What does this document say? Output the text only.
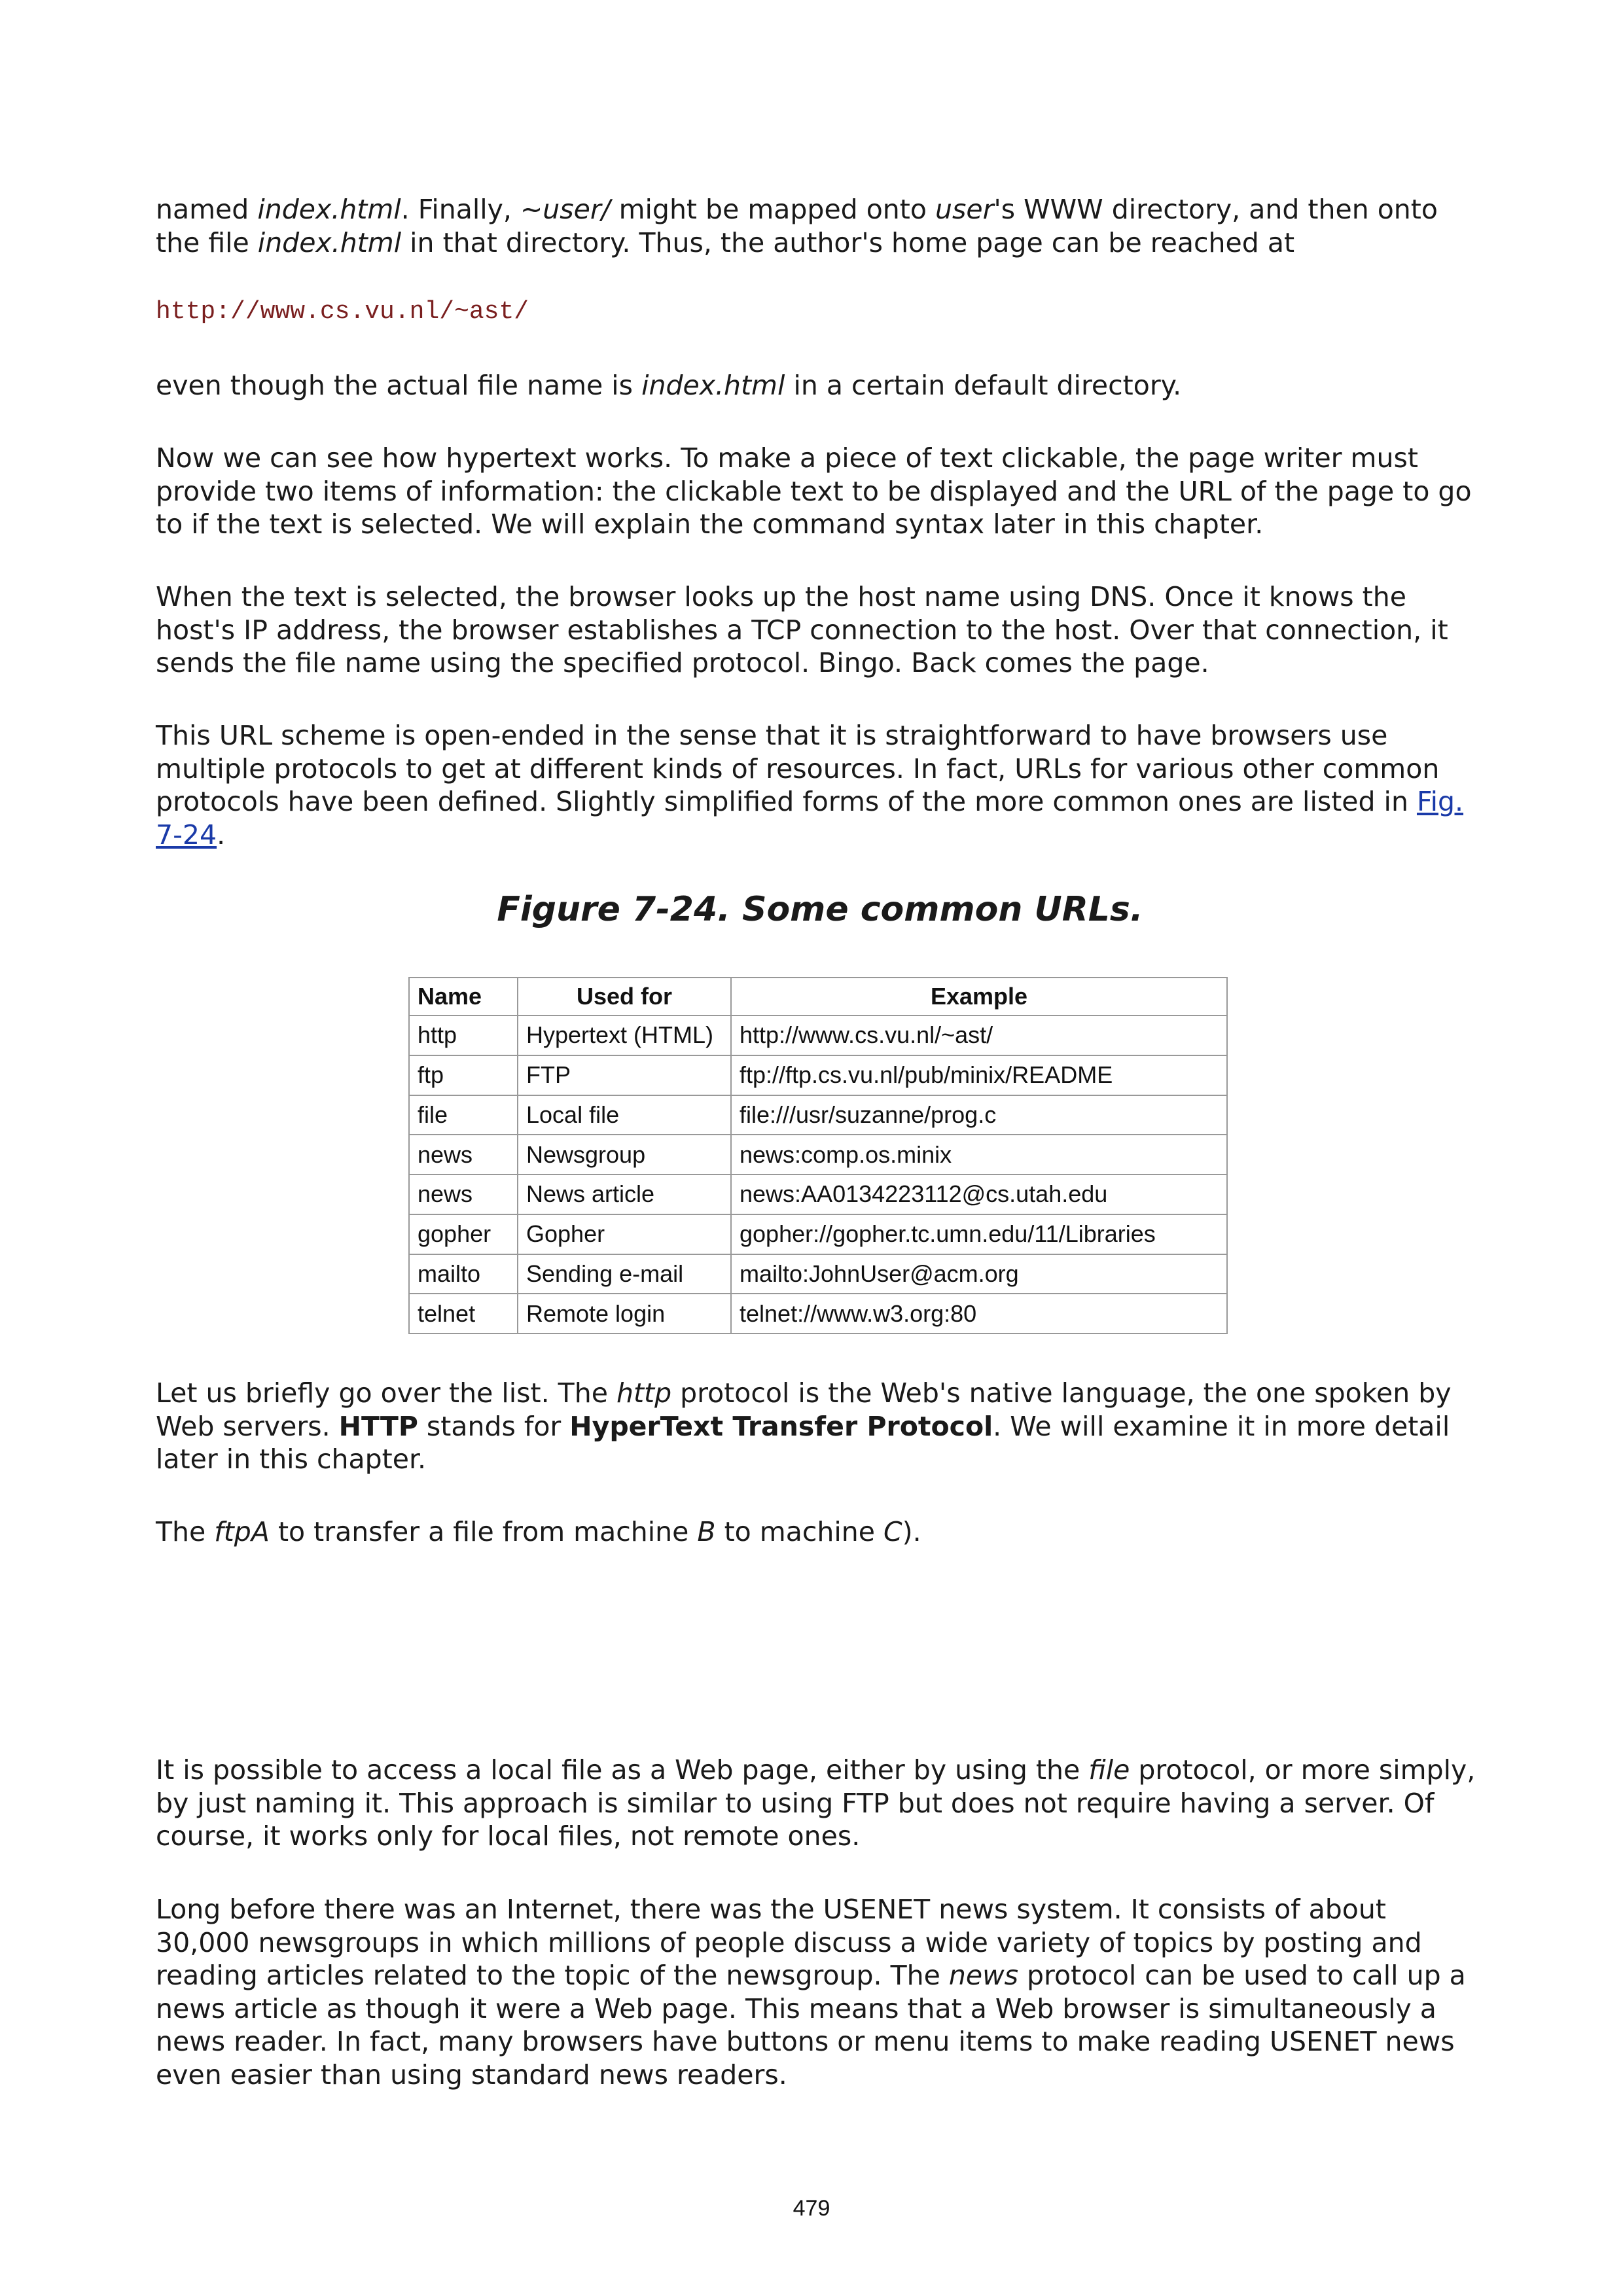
named index.html. Finally, ~user/ might be mapped onto user's WWW directory, and then onto the file index.html in that directory. Thus, the author's home page can be reached at

http://www.cs.vu.nl/~ast/

even though the actual file name is index.html in a certain default directory.

Now we can see how hypertext works. To make a piece of text clickable, the page writer must provide two items of information: the clickable text to be displayed and the URL of the page to go to if the text is selected. We will explain the command syntax later in this chapter.

When the text is selected, the browser looks up the host name using DNS. Once it knows the host's IP address, the browser establishes a TCP connection to the host. Over that connection, it sends the file name using the specified protocol. Bingo. Back comes the page.

This URL scheme is open-ended in the sense that it is straightforward to have browsers use multiple protocols to get at different kinds of resources. In fact, URLs for various other common protocols have been defined. Slightly simplified forms of the more common ones are listed in Fig. 7-24.

Figure 7-24. Some common URLs.
Name	Used for	Example
http	Hypertext (HTML)	http://www.cs.vu.nl/~ast/
ftp	FTP	ftp://ftp.cs.vu.nl/pub/minix/README
file	Local file	file:///usr/suzanne/prog.c
news	Newsgroup	news:comp.os.minix
news	News article	news:AA0134223112@cs.utah.edu
gopher	Gopher	gopher://gopher.tc.umn.edu/11/Libraries
mailto	Sending e-mail	mailto:JohnUser@acm.org
telnet	Remote login	telnet://www.w3.org:80

Let us briefly go over the list. The http protocol is the Web's native language, the one spoken by Web servers. HTTP stands for HyperText Transfer Protocol. We will examine it in more detail later in this chapter.

The ftpA to transfer a file from machine B to machine C).

It is possible to access a local file as a Web page, either by using the file protocol, or more simply, by just naming it. This approach is similar to using FTP but does not require having a server. Of course, it works only for local files, not remote ones.

Long before there was an Internet, there was the USENET news system. It consists of about 30,000 newsgroups in which millions of people discuss a wide variety of topics by posting and reading articles related to the topic of the newsgroup. The news protocol can be used to call up a news article as though it were a Web page. This means that a Web browser is simultaneously a news reader. In fact, many browsers have buttons or menu items to make reading USENET news even easier than using standard news readers.

479
